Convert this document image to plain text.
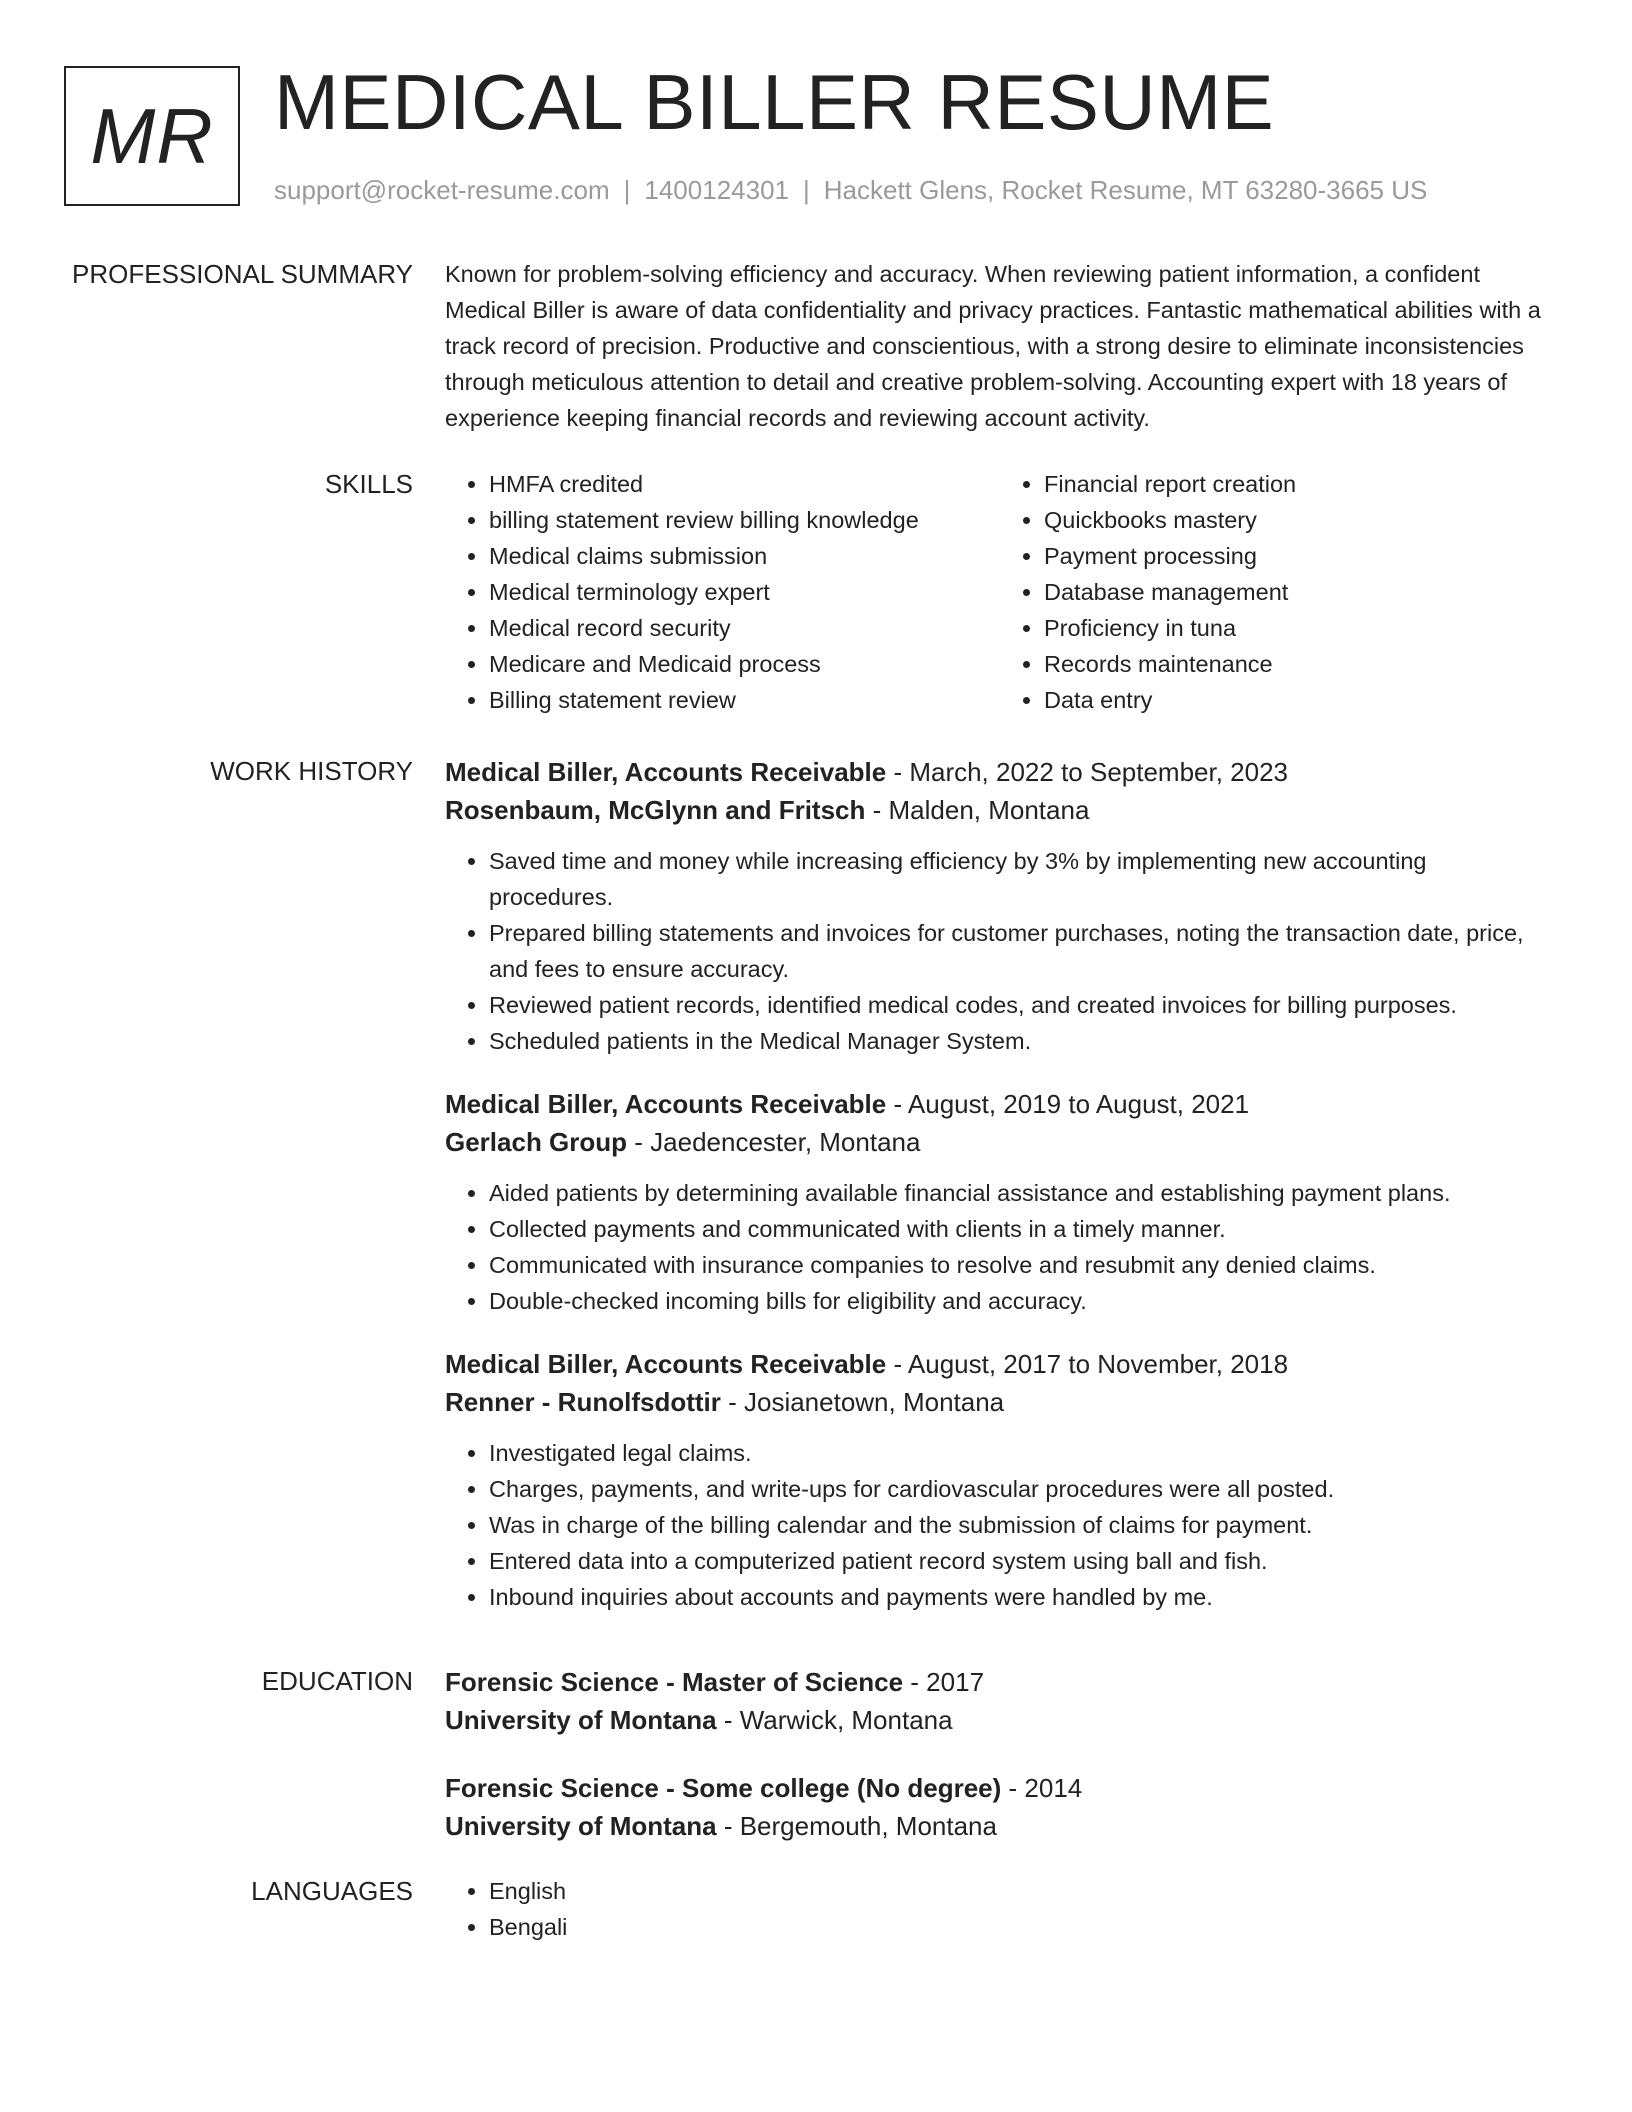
MR MEDICAL BILLER RESUME
support@rocket-resume.com | 1400124301 | Hackett Glens, Rocket Resume, MT 63280-3665 US
PROFESSIONAL SUMMARY Known for problem-solving efficiency and accuracy. When reviewing patient information, a confident Medical Biller is aware of data confidentiality and privacy practices. Fantastic mathematical abilities with a track record of precision. Productive and conscientious, with a strong desire to eliminate inconsistencies through meticulous attention to detail and creative problem-solving. Accounting expert with 18 years of experience keeping financial records and reviewing account activity.

SKILLS	• HMFA credited
• billing statement review billing knowledge
• Medical claims submission
• Medical terminology expert
• Medical record security
• Medicare and Medicaid process
• Billing statement review
• Financial report creation
• Quickbooks mastery
• Payment processing
• Database management
• Proficiency in tuna
• Records maintenance
• Data entry
WORK HISTORY Medical Biller, Accounts Receivable - March, 2022 to September, 2023

Rosenbaum, McGlynn and Fritsch - Malden, Montana

• Saved time and money while increasing efficiency by 3% by implementing new accounting procedures.
• Prepared billing statements and invoices for customer purchases, noting the transaction date, price, and fees to ensure accuracy.
• Reviewed patient records, identified medical codes, and created invoices for billing purposes.
• Scheduled patients in the Medical Manager System.

Medical Biller, Accounts Receivable - August, 2019 to August, 2021

Gerlach Group - Jaedencester, Montana

• Aided patients by determining available financial assistance and establishing payment plans.
• Collected payments and communicated with clients in a timely manner.
• Communicated with insurance companies to resolve and resubmit any denied claims.
• Double-checked incoming bills for eligibility and accuracy.

Medical Biller, Accounts Receivable - August, 2017 to November, 2018

Renner - Runolfsdottir - Josianetown, Montana

• Investigated legal claims.
• Charges, payments, and write-ups for cardiovascular procedures were all posted.
• Was in charge of the billing calendar and the submission of claims for payment.
• Entered data into a computerized patient record system using ball and fish.
• Inbound inquiries about accounts and payments were handled by me.
EDUCATION Forensic Science - Master of Science - 2017

University of Montana - Warwick, Montana

Forensic Science - Some college (No degree) - 2014

University of Montana - Bergemouth, Montana

LANGUAGES	• English
• Bengali
